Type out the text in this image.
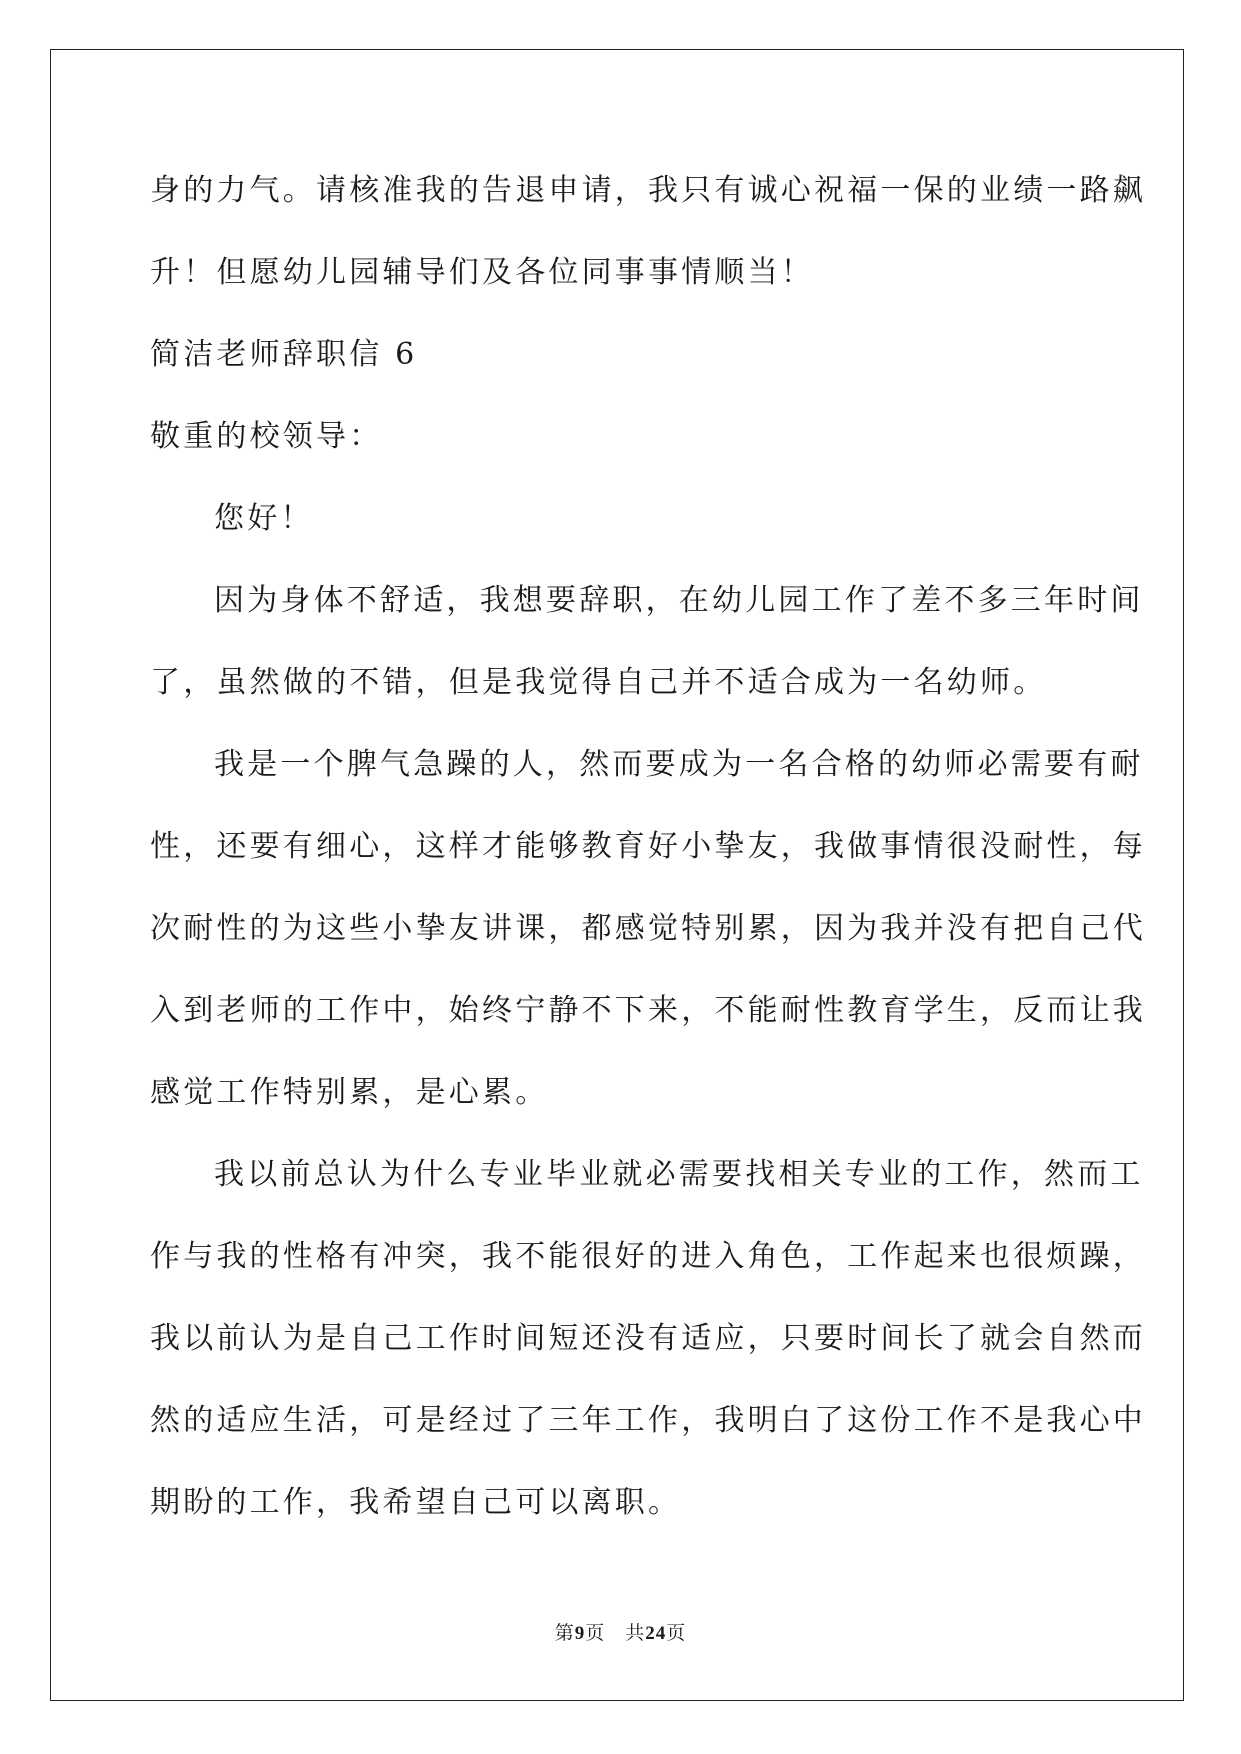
身的力气。请核准我的告退申请，我只有诚心祝福一保的业绩一路飙
升！但愿幼儿园辅导们及各位同事事情顺当！
简洁老师辞职信 6
敬重的校领导：
您好！
因为身体不舒适，我想要辞职，在幼儿园工作了差不多三年时间
了，虽然做的不错，但是我觉得自己并不适合成为一名幼师。
我是一个脾气急躁的人，然而要成为一名合格的幼师必需要有耐
性，还要有细心，这样才能够教育好小挚友，我做事情很没耐性，每
次耐性的为这些小挚友讲课，都感觉特别累，因为我并没有把自己代
入到老师的工作中，始终宁静不下来，不能耐性教育学生，反而让我
感觉工作特别累，是心累。
我以前总认为什么专业毕业就必需要找相关专业的工作，然而工
作与我的性格有冲突，我不能很好的进入角色，工作起来也很烦躁，
我以前认为是自己工作时间短还没有适应，只要时间长了就会自然而
然的适应生活，可是经过了三年工作，我明白了这份工作不是我心中
期盼的工作，我希望自己可以离职。
第9页 共24页
